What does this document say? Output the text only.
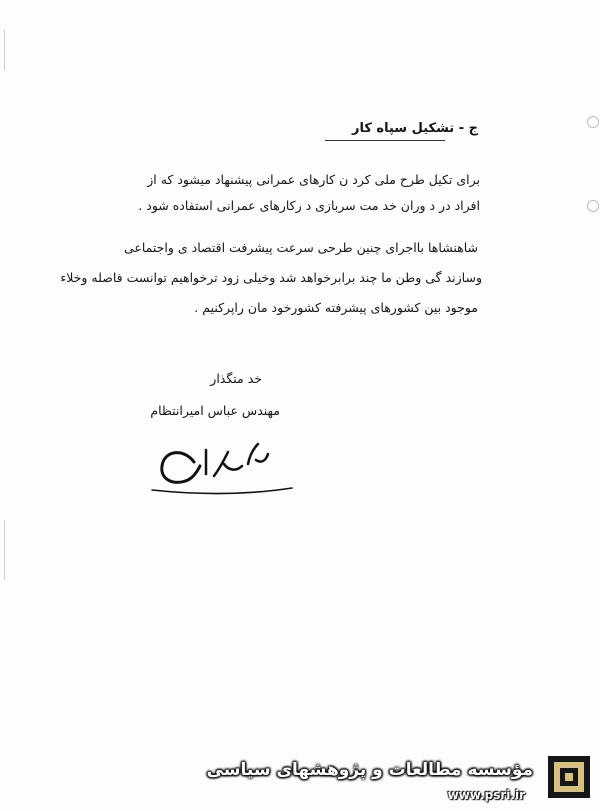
ج - تشکیل سپاه کار
برای تکیل طرح ملی کرد ن کارهای عمرانی پیشنهاد میشود که از
افراد در د وران خد مت سربازی د رکارهای عمرانی استفاده شود .
شاهنشاها بااجرای چنین طرحی سرعت پیشرفت اقتصاد ی واجتماعی
وسازند گی وطن ما چند برابرخواهد شد وخیلی زود ترخواهیم توانست فاصله وخلاء
موجود بین کشورهای پیشرفته کشورخود مان راپرکنیم .
خد متگذار
مهندس عباس امیرانتظام
مؤسسه مطالعات و پژوهشهای سیاسی
www.psri.ir
